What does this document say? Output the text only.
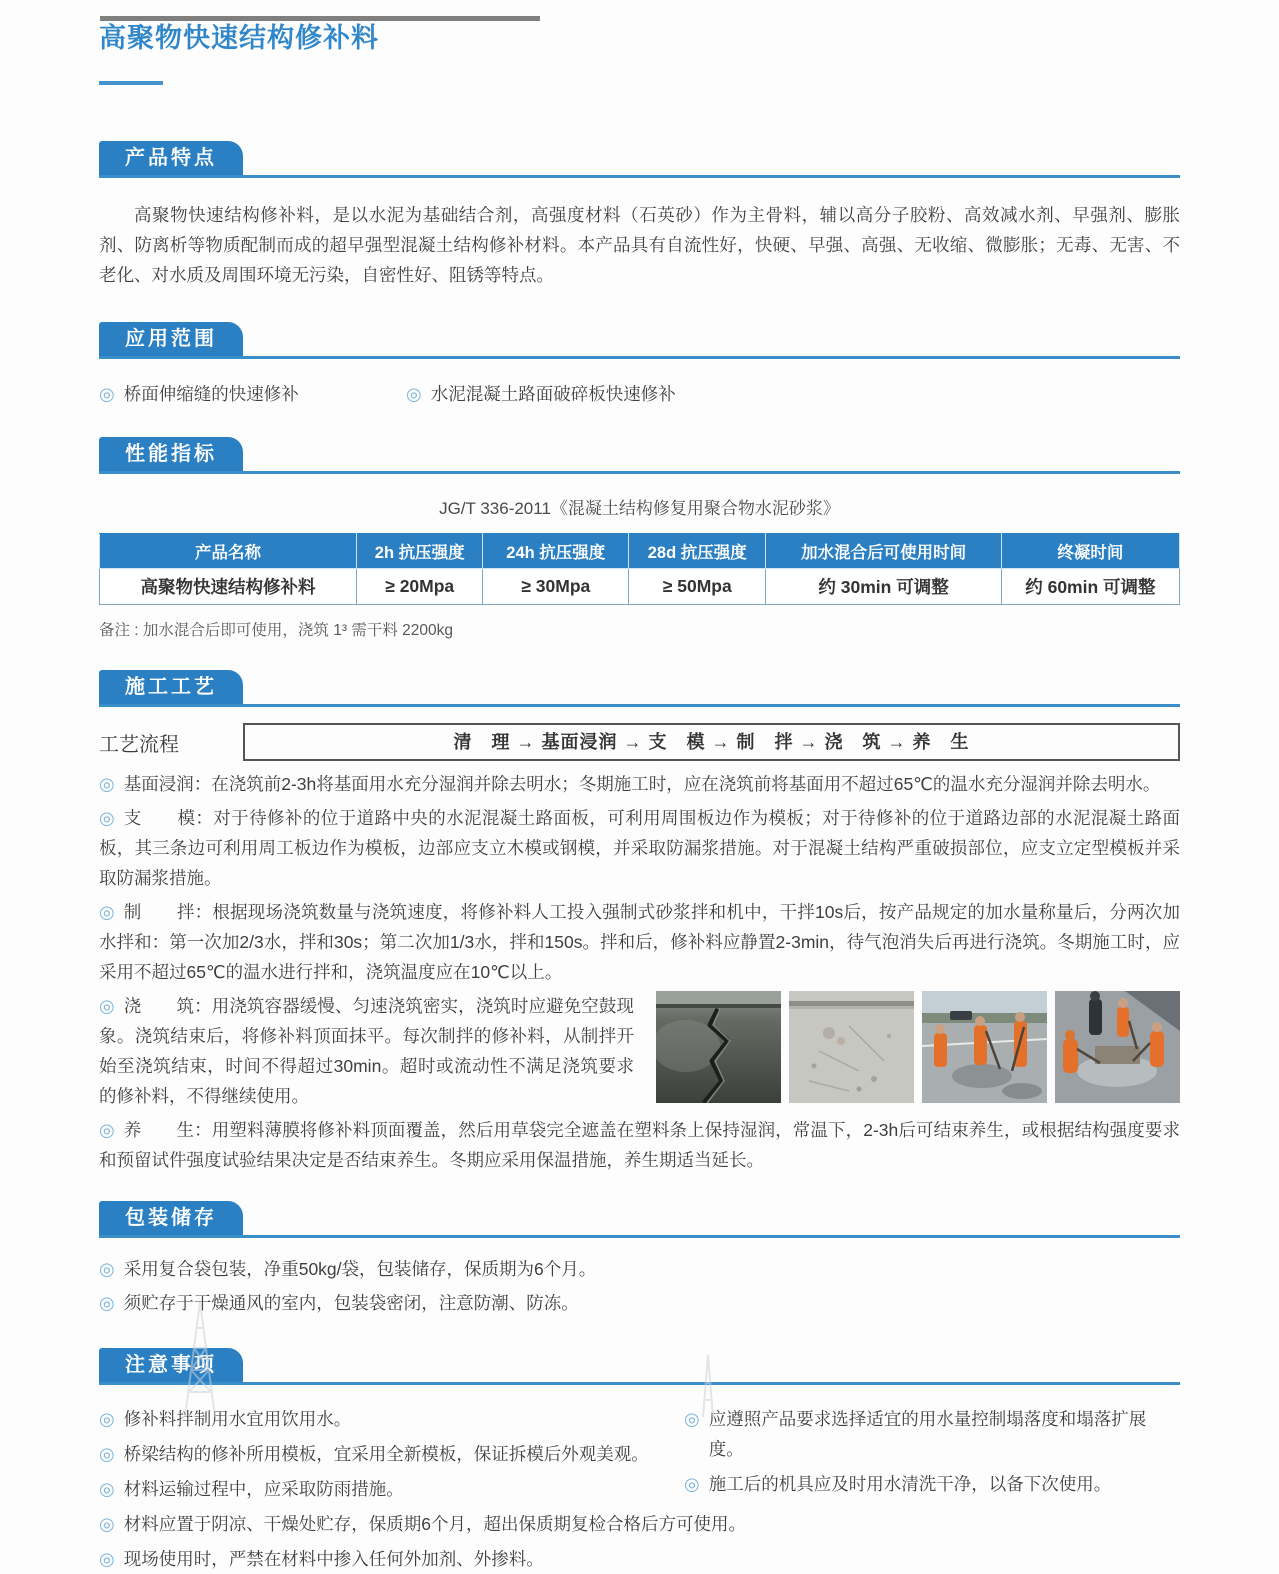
高聚物快速结构修补料
产品特点

高聚物快速结构修补料，是以水泥为基础结合剂，高强度材料（石英砂）作为主骨料，辅以高分子胶粉、高效减水剂、早强剂、膨胀剂、防离析等物质配制而成的超早强型混凝土结构修补材料。本产品具有自流性好，快硬、早强、高强、无收缩、微膨胀；无毒、无害、不老化、对水质及周围环境无污染，自密性好、阻锈等特点。

应用范围
◎ 桥面伸缩缝的快速修补	◎ 水泥混凝土路面破碎板快速修补
性能指标
JG/T 336-2011《混凝土结构修复用聚合物水泥砂浆》
产品名称	2h 抗压强度	24h 抗压强度	28d 抗压强度	加水混合后可使用时间	终凝时间
高聚物快速结构修补料	≥ 20Mpa	≥ 30Mpa	≥ 50Mpa	约 30min 可调整	约 60min 可调整
备注 : 加水混合后即可使用，浇筑 1³ 需干料 2200kg
施工工艺
工艺流程	清　理 → 基面浸润 → 支　模 → 制　拌 → 浇　筑 → 养　生

◎ 基面浸润：在浇筑前2-3h将基面用水充分湿润并除去明水；冬期施工时，应在浇筑前将基面用不超过65℃的温水充分湿润并除去明水。

◎ 支　　模：对于待修补的位于道路中央的水泥混凝土路面板，可利用周围板边作为模板；对于待修补的位于道路边部的水泥混凝土路面板，其三条边可利用周工板边作为模板，边部应支立木模或钢模，并采取防漏浆措施。对于混凝土结构严重破损部位，应支立定型模板并采取防漏浆措施。

◎ 制　　拌：根据现场浇筑数量与浇筑速度，将修补料人工投入强制式砂浆拌和机中，干拌10s后，按产品规定的加水量称量后，分两次加水拌和：第一次加2/3水，拌和30s；第二次加1/3水，拌和150s。拌和后，修补料应静置2-3min，待气泡消失后再进行浇筑。冬期施工时，应采用不超过65℃的温水进行拌和，浇筑温度应在10℃以上。

◎ 浇　　筑：用浇筑容器缓慢、匀速浇筑密实，浇筑时应避免空鼓现象。浇筑结束后，将修补料顶面抹平。每次制拌的修补料，从制拌开始至浇筑结束，时间不得超过30min。超时或流动性不满足浇筑要求的修补料，不得继续使用。

◎ 养　　生：用塑料薄膜将修补料顶面覆盖，然后用草袋完全遮盖在塑料条上保持湿润，常温下，2-3h后可结束养生，或根据结构强度要求和预留试件强度试验结果决定是否结束养生。冬期应采用保温措施，养生期适当延长。

包装储存
◎ 采用复合袋包装，净重50kg/袋，包装储存，保质期为6个月。
◎ 须贮存于干燥通风的室内，包装袋密闭，注意防潮、防冻。
注意事项
◎ 修补料拌制用水宜用饮用水。
◎ 桥梁结构的修补所用模板，宜采用全新模板，保证拆模后外观美观。
◎ 材料运输过程中，应采取防雨措施。
◎ 应遵照产品要求选择适宜的用水量控制塌落度和塌落扩展度。
◎ 施工后的机具应及时用水清洗干净，以备下次使用。
◎ 材料应置于阴凉、干燥处贮存，保质期6个月，超出保质期复检合格后方可使用。
◎ 现场使用时，严禁在材料中掺入任何外加剂、外掺料。
